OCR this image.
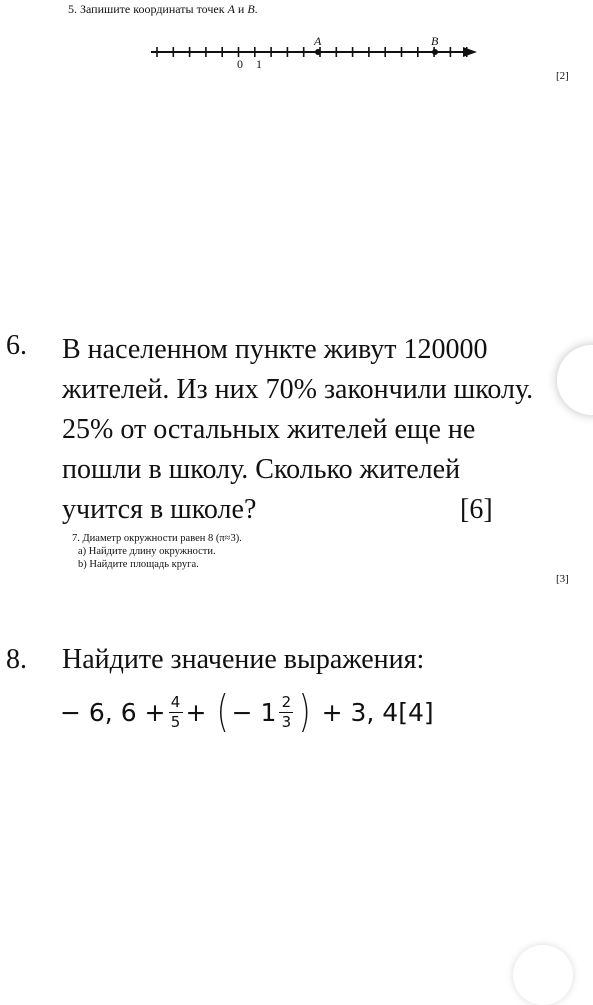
5. Запишите координаты точек A и B.
A	B
0 1
[2]
6. В населенном пункте живут 120000
жителей. Из них 70% закончили школу.
25% от остальных жителей еще не
пошли в школу. Сколько жителей
учится в школе?	[6]
7. Диаметр окружности равен 8 (π≈3).
a) Найдите длину окружности.
b) Найдите площадь круга.
[3]
8. Найдите значение выражения:
− 6, $6 + \frac{4}{5}$ + ( − $1 \frac{2}{3}$ ) + 3, 4[4]
